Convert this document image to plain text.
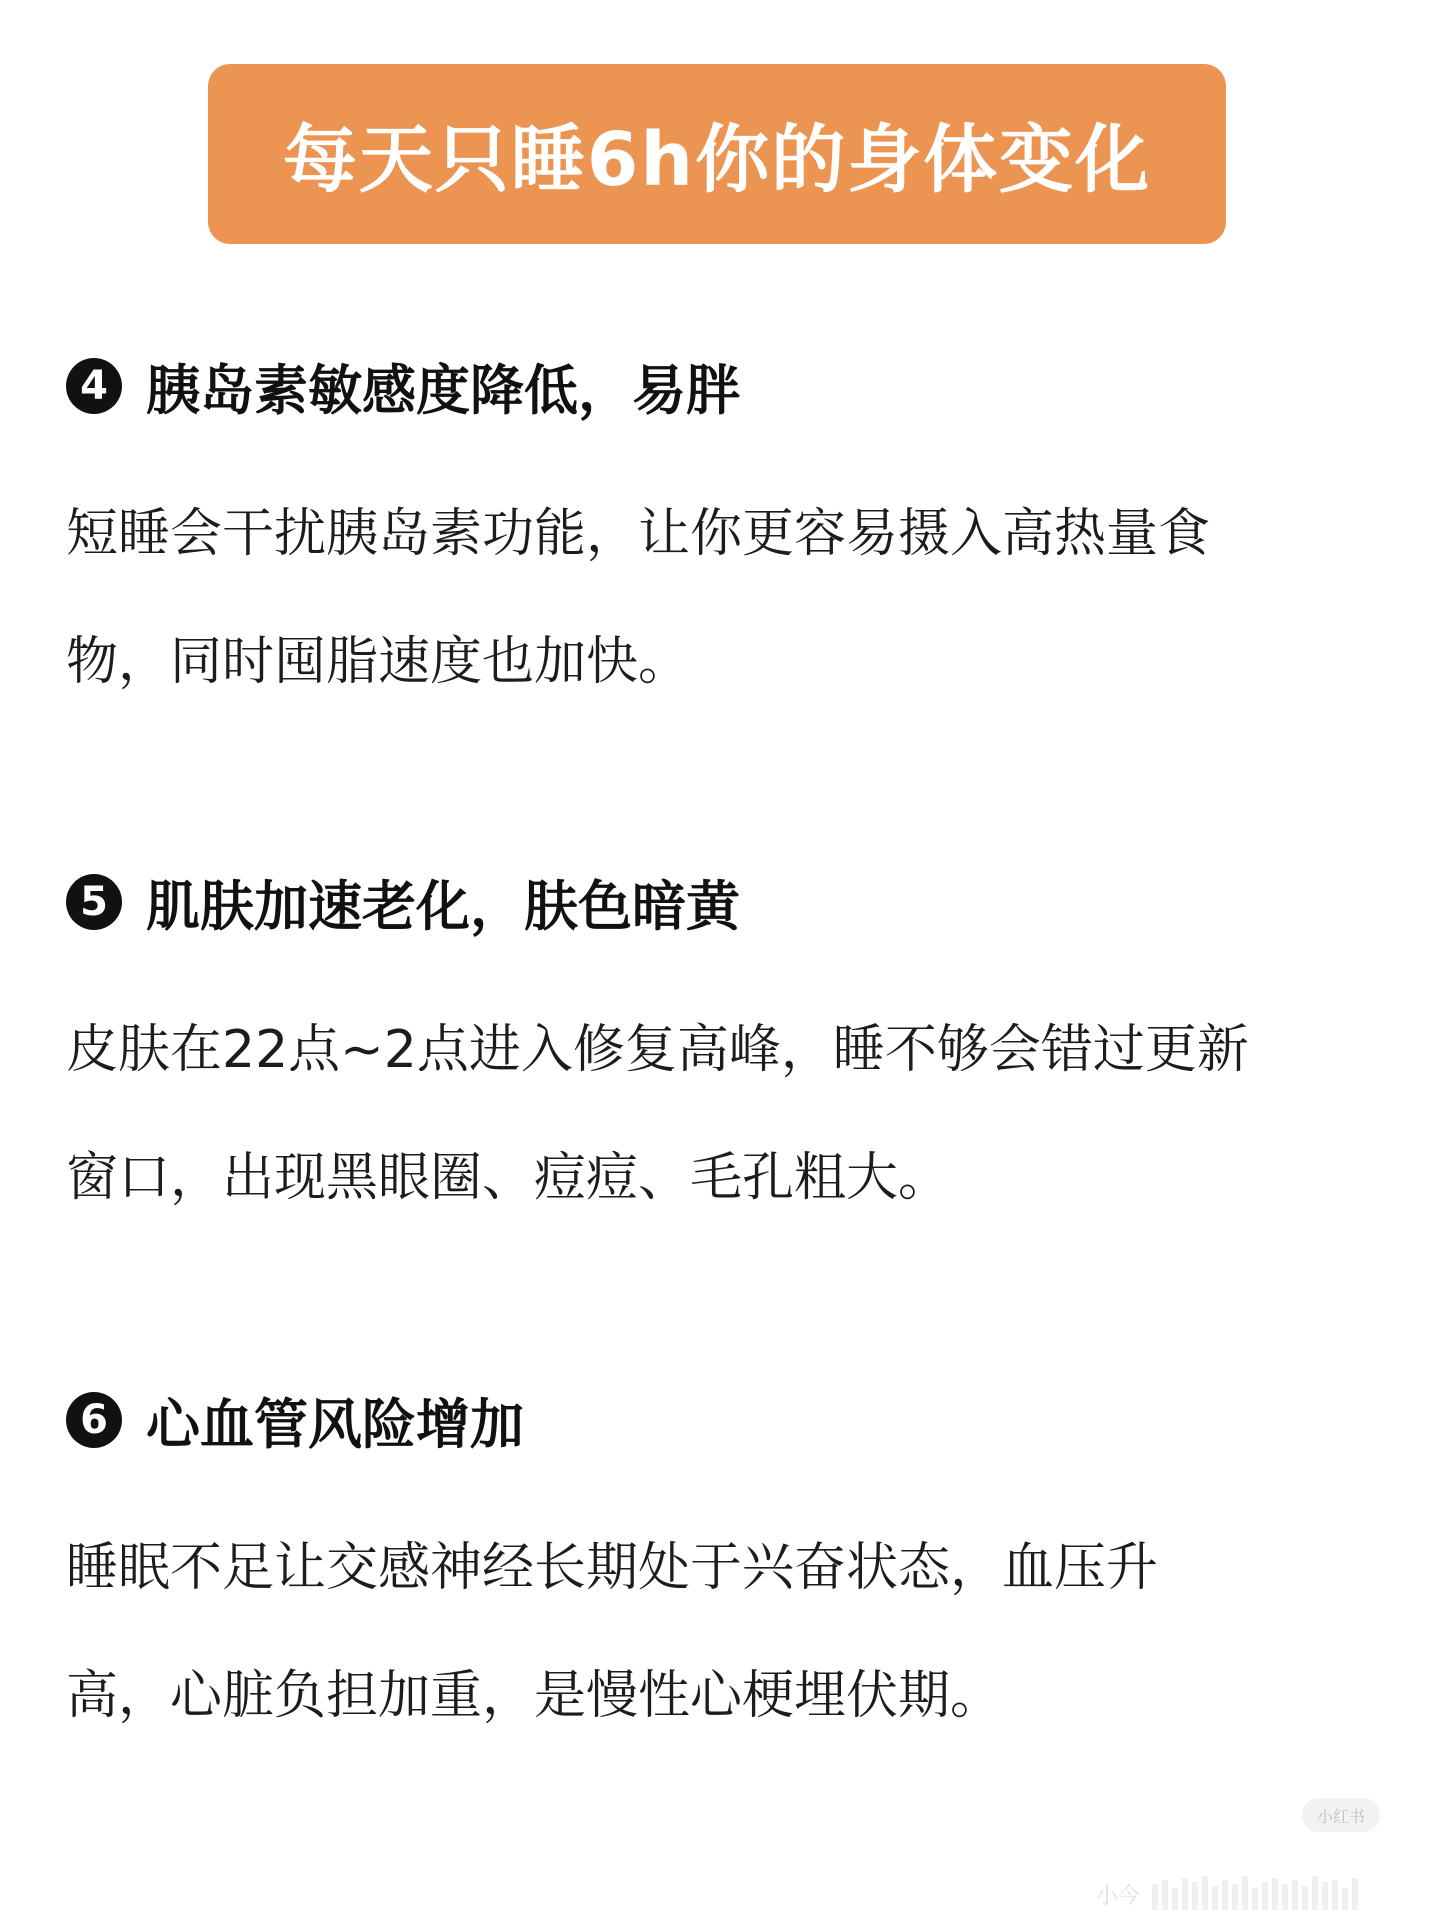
每天只睡6h你的身体变化
4 胰岛素敏感度降低，易胖

短睡会干扰胰岛素功能，让你更容易摄入高热量食

物，同时囤脂速度也加快。

5 肌肤加速老化，肤色暗黄

皮肤在22点~2点进入修复高峰，睡不够会错过更新

窗口，出现黑眼圈、痘痘、毛孔粗大。

6 心血管风险增加

睡眠不足让交感神经长期处于兴奋状态，血压升

高，心脏负担加重，是慢性心梗埋伏期。

小红书
小今
